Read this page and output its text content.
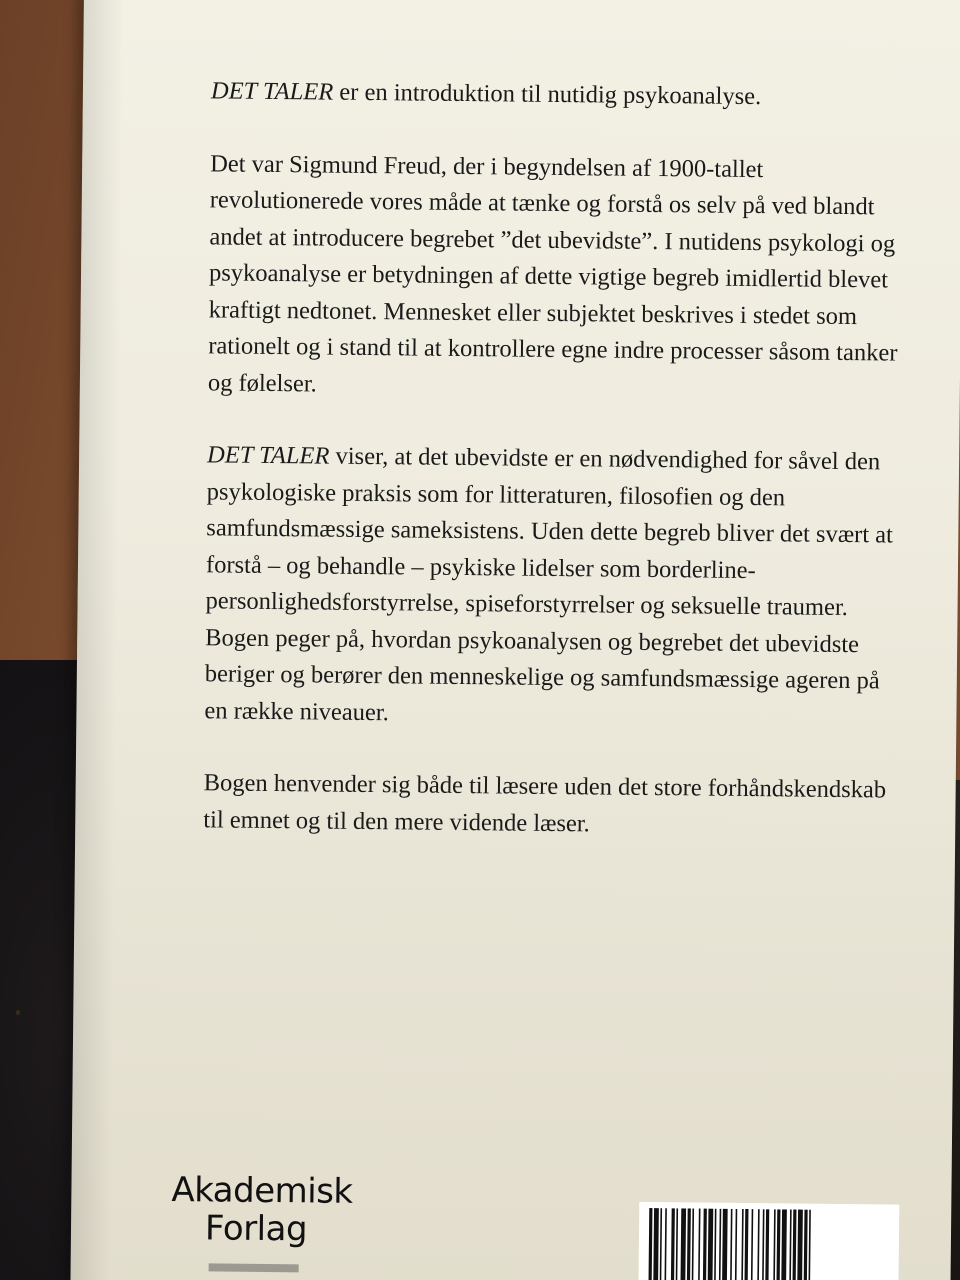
DET TALER er en introduktion til nutidig psykoanalyse.

Det var Sigmund Freud, der i begyndelsen af 1900-tallet revolutionerede vores måde at tænke og forstå os selv på ved blandt andet at introducere begrebet ”det ubevidste”. I nutidens psykologi og psykoanalyse er betydningen af dette vigtige begreb imidlertid blevet kraftigt nedtonet. Mennesket eller subjektet beskrives i stedet som rationelt og i stand til at kontrollere egne indre processer såsom tanker og følelser.

DET TALER viser, at det ubevidste er en nødvendighed for såvel den psykologiske praksis som for litteraturen, filosofien og den samfundsmæssige sameksistens. Uden dette begreb bliver det svært at forstå – og behandle – psykiske lidelser som borderline-personlighedsforstyrrelse, spiseforstyrrelser og seksuelle traumer. Bogen peger på, hvordan psykoanalysen og begrebet det ubevidste beriger og berører den menneskelige og samfundsmæssige ageren på en række niveauer.

Bogen henvender sig både til læsere uden det store forhåndskendskab til emnet og til den mere vidende læser.

Akademisk
Forlag
